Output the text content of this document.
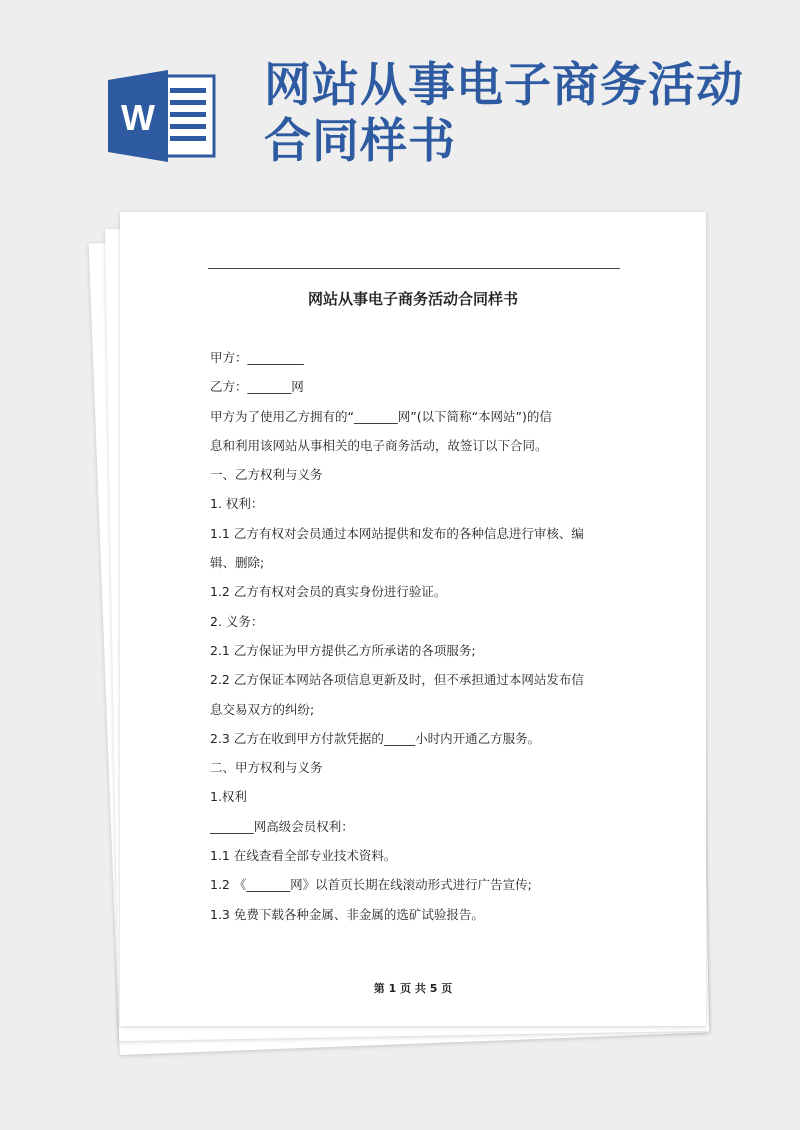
W
网站从事电子商务活动
合同样书
网站从事电子商务活动合同样书
甲方：_________
乙方：_______网
甲方为了使用乙方拥有的“_______网”(以下简称“本网站”)的信
息和利用该网站从事相关的电子商务活动，故签订以下合同。
一、乙方权利与义务
1. 权利：
1.1 乙方有权对会员通过本网站提供和发布的各种信息进行审核、编
辑、删除;
1.2 乙方有权对会员的真实身份进行验证。
2. 义务：
2.1 乙方保证为甲方提供乙方所承诺的各项服务;
2.2 乙方保证本网站各项信息更新及时，但不承担通过本网站发布信
息交易双方的纠纷;
2.3 乙方在收到甲方付款凭据的_____小时内开通乙方服务。
二、甲方权利与义务
1.权利
_______网高级会员权利：
1.1 在线查看全部专业技术资料。
1.2 《_______网》以首页长期在线滚动形式进行广告宣传;
1.3 免费下载各种金属、非金属的选矿试验报告。
第 1 页 共 5 页
